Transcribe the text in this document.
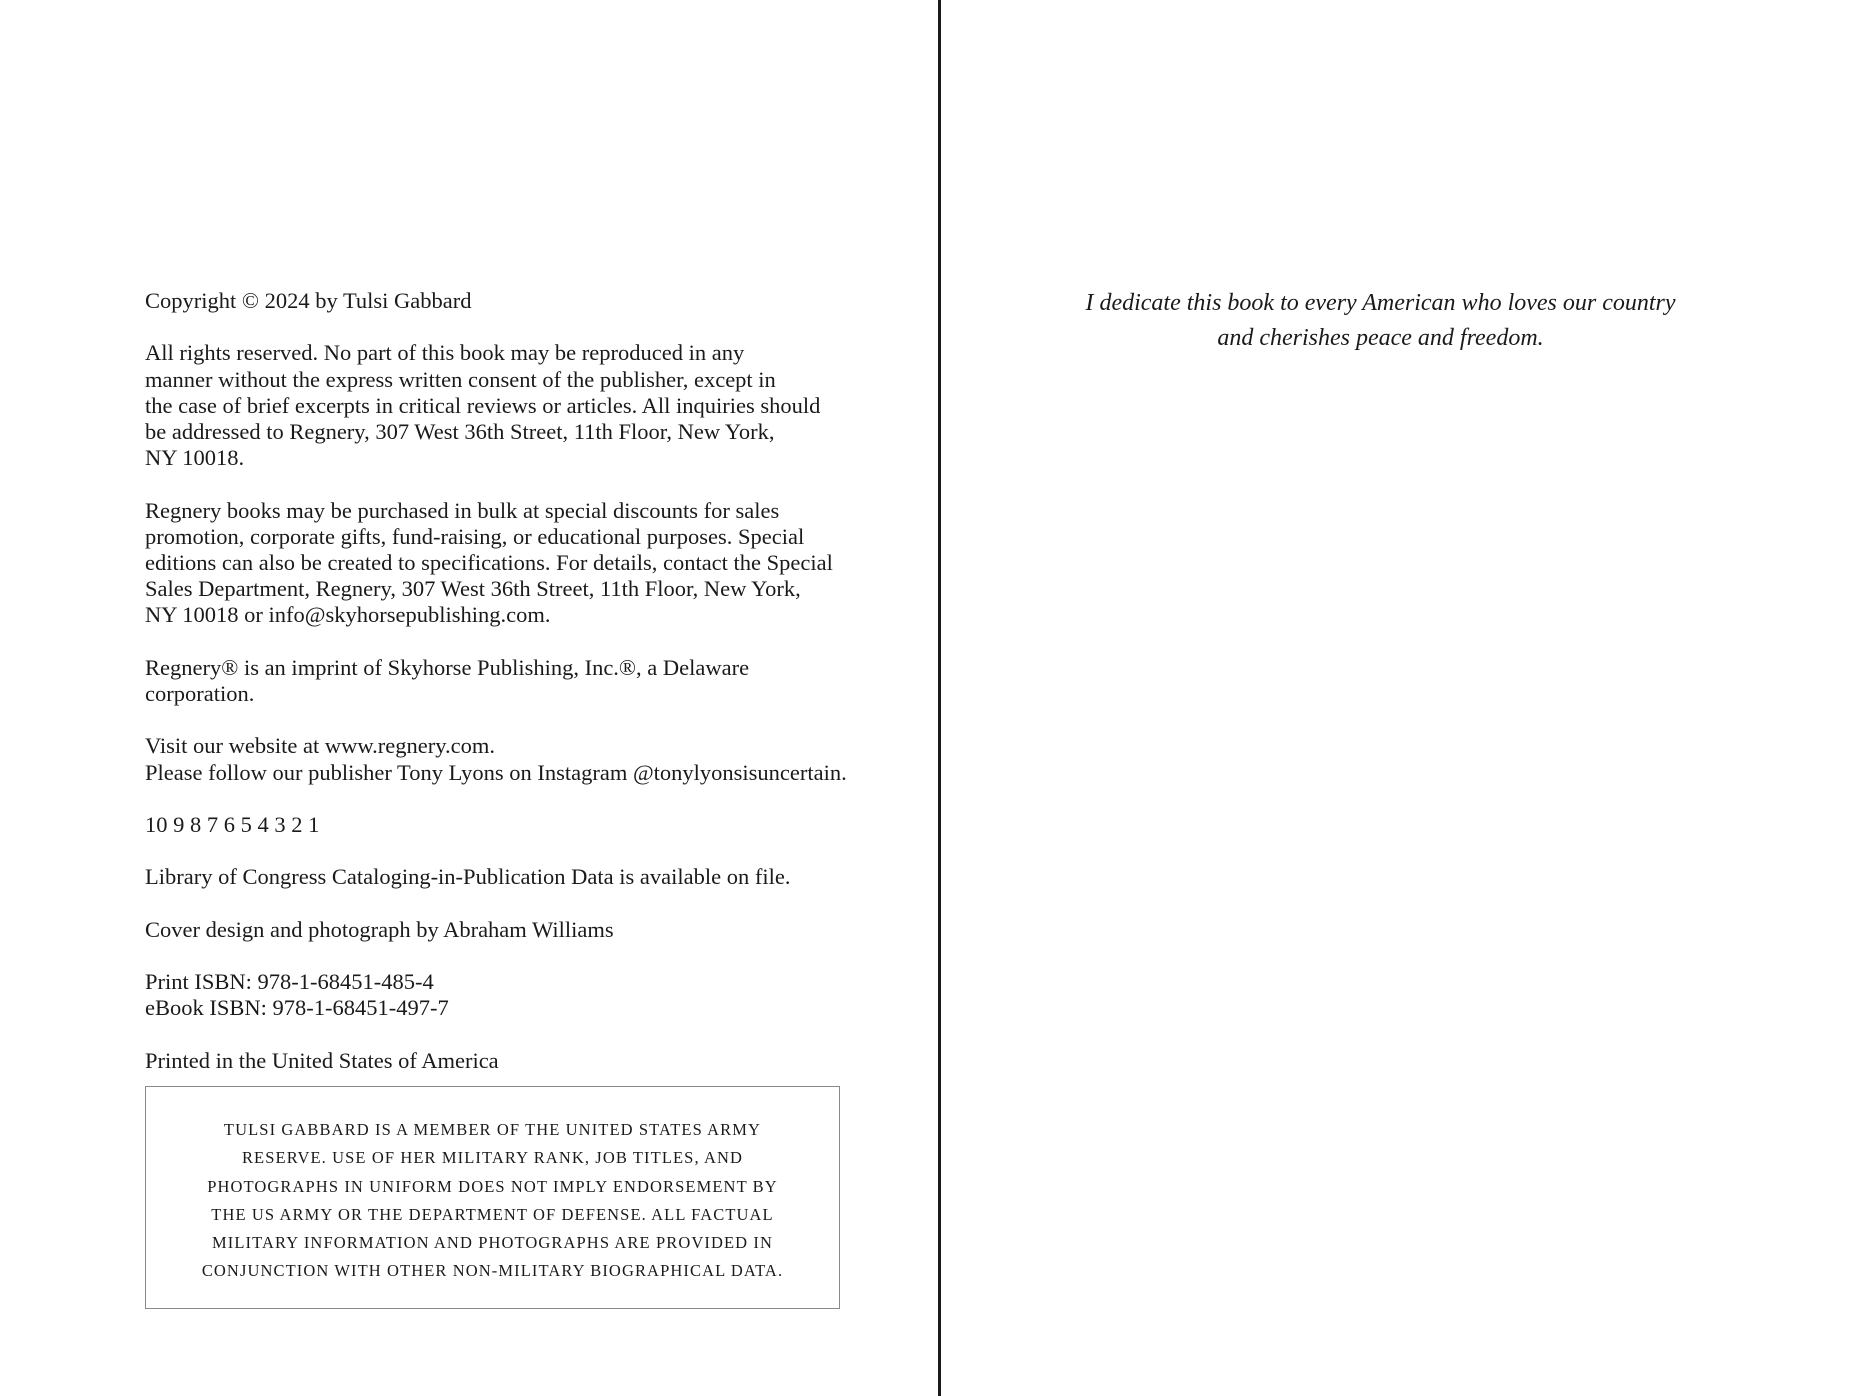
Copyright © 2024 by Tulsi Gabbard

All rights reserved. No part of this book may be reproduced in any
manner without the express written consent of the publisher, except in
the case of brief excerpts in critical reviews or articles. All inquiries should
be addressed to Regnery, 307 West 36th Street, 11th Floor, New York,
NY 10018.

Regnery books may be purchased in bulk at special discounts for sales
promotion, corporate gifts, fund-raising, or educational purposes. Special
editions can also be created to specifications. For details, contact the Special
Sales Department, Regnery, 307 West 36th Street, 11th Floor, New York,
NY 10018 or info@skyhorsepublishing.com.

Regnery® is an imprint of Skyhorse Publishing, Inc.®, a Delaware corporation.

Visit our website at www.regnery.com.
Please follow our publisher Tony Lyons on Instagram @tonylyonsisuncertain.

10 9 8 7 6 5 4 3 2 1

Library of Congress Cataloging-in-Publication Data is available on file.

Cover design and photograph by Abraham Williams

Print ISBN: 978-1-68451-485-4
eBook ISBN: 978-1-68451-497-7

Printed in the United States of America

TULSI GABBARD IS A MEMBER OF THE UNITED STATES ARMY
RESERVE. USE OF HER MILITARY RANK, JOB TITLES, AND
PHOTOGRAPHS IN UNIFORM DOES NOT IMPLY ENDORSEMENT BY
THE US ARMY OR THE DEPARTMENT OF DEFENSE. ALL FACTUAL
MILITARY INFORMATION AND PHOTOGRAPHS ARE PROVIDED IN
CONJUNCTION WITH OTHER NON-MILITARY BIOGRAPHICAL DATA.
I dedicate this book to every American who loves our country
and cherishes peace and freedom.
